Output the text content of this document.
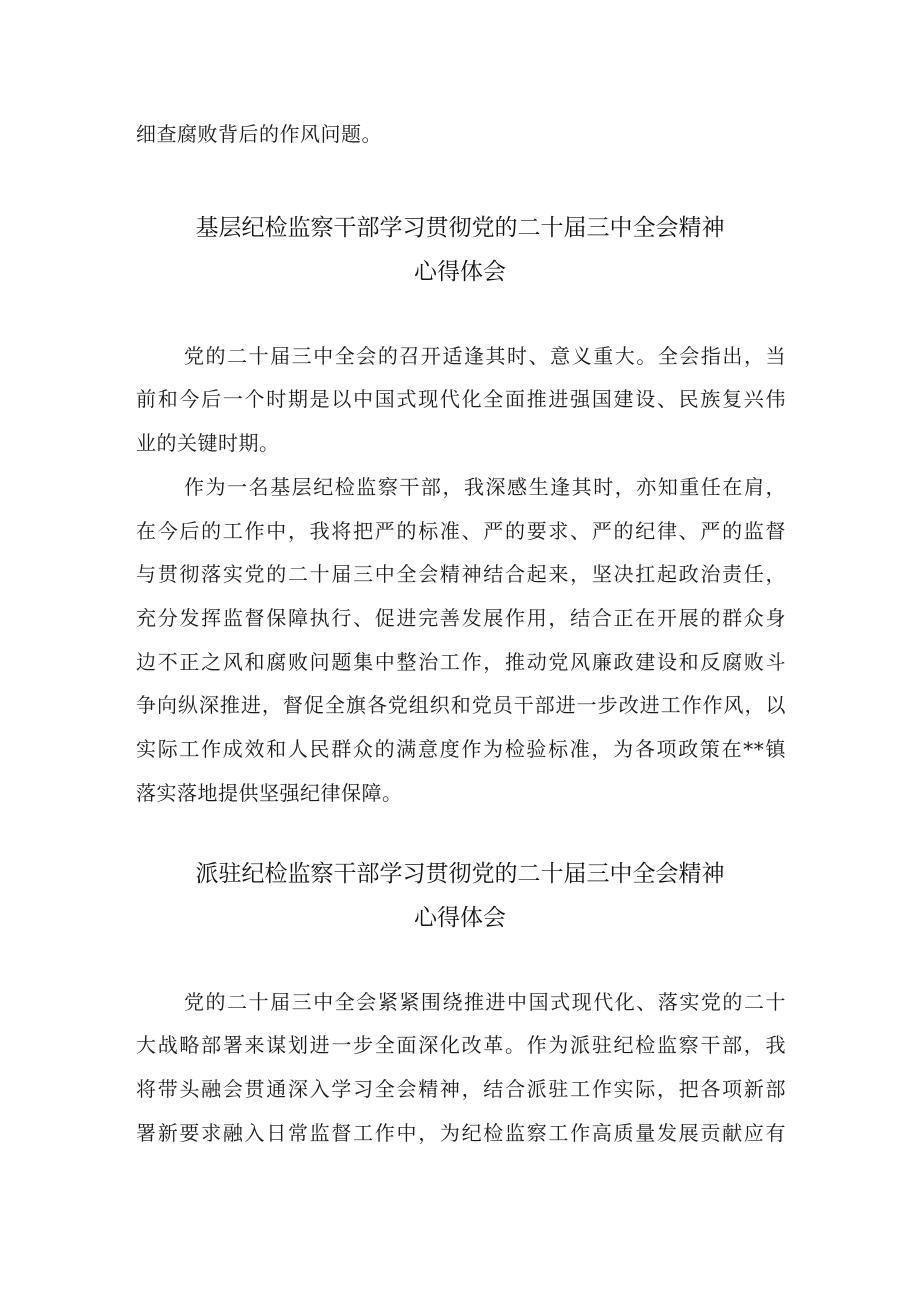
细查腐败背后的作风问题。
基层纪检监察干部学习贯彻党的二十届三中全会精神
心得体会
党的二十届三中全会的召开适逢其时、意义重大。全会指出，当
前和今后一个时期是以中国式现代化全面推进强国建设、民族复兴伟
业的关键时期。
作为一名基层纪检监察干部，我深感生逢其时，亦知重任在肩，
在今后的工作中，我将把严的标准、严的要求、严的纪律、严的监督
与贯彻落实党的二十届三中全会精神结合起来，坚决扛起政治责任，
充分发挥监督保障执行、促进完善发展作用，结合正在开展的群众身
边不正之风和腐败问题集中整治工作，推动党风廉政建设和反腐败斗
争向纵深推进，督促全旗各党组织和党员干部进一步改进工作作风，以
实际工作成效和人民群众的满意度作为检验标准，为各项政策在**镇
落实落地提供坚强纪律保障。
派驻纪检监察干部学习贯彻党的二十届三中全会精神
心得体会
党的二十届三中全会紧紧围绕推进中国式现代化、落实党的二十
大战略部署来谋划进一步全面深化改革。作为派驻纪检监察干部，我
将带头融会贯通深入学习全会精神，结合派驻工作实际，把各项新部
署新要求融入日常监督工作中，为纪检监察工作高质量发展贡献应有
